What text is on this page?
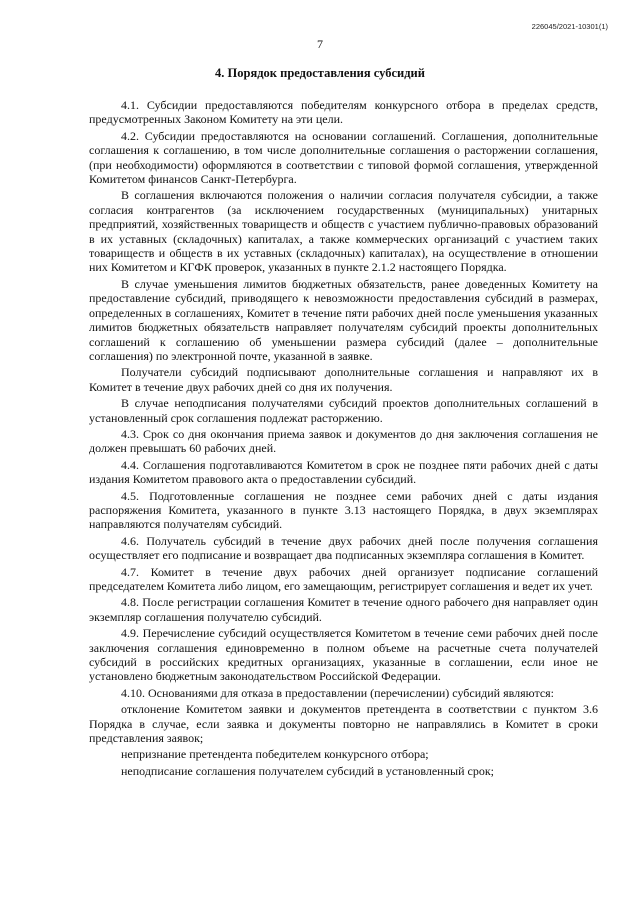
226045/2021-10301(1)
7
4. Порядок предоставления субсидий

4.1. Субсидии предоставляются победителям конкурсного отбора в пределах средств, предусмотренных Законом Комитету на эти цели.

4.2. Субсидии предоставляются на основании соглашений. Соглашения, дополнительные соглашения к соглашению, в том числе дополнительные соглашения о расторжении соглашения, (при необходимости) оформляются в соответствии с типовой формой соглашения, утвержденной Комитетом финансов Санкт-Петербурга.

В соглашения включаются положения о наличии согласия получателя субсидии, а также согласия контрагентов (за исключением государственных (муниципальных) унитарных предприятий, хозяйственных товариществ и обществ с участием публично-правовых образований в их уставных (складочных) капиталах, а также коммерческих организаций с участием таких товариществ и обществ в их уставных (складочных) капиталах), на осуществление в отношении них Комитетом и КГФК проверок, указанных в пункте 2.1.2 настоящего Порядка.

В случае уменьшения лимитов бюджетных обязательств, ранее доведенных Комитету на предоставление субсидий, приводящего к невозможности предоставления субсидий в размерах, определенных в соглашениях, Комитет в течение пяти рабочих дней после уменьшения указанных лимитов бюджетных обязательств направляет получателям субсидий проекты дополнительных соглашений к соглашению об уменьшении размера субсидий (далее – дополнительные соглашения) по электронной почте, указанной в заявке.

Получатели субсидий подписывают дополнительные соглашения и направляют их в Комитет в течение двух рабочих дней со дня их получения.

В случае неподписания получателями субсидий проектов дополнительных соглашений в установленный срок соглашения подлежат расторжению.

4.3. Срок со дня окончания приема заявок и документов до дня заключения соглашения не должен превышать 60 рабочих дней.

4.4. Соглашения подготавливаются Комитетом в срок не позднее пяти рабочих дней с даты издания Комитетом правового акта о предоставлении субсидий.

4.5. Подготовленные соглашения не позднее семи рабочих дней с даты издания распоряжения Комитета, указанного в пункте 3.13 настоящего Порядка, в двух экземплярах направляются получателям субсидий.

4.6. Получатель субсидий в течение двух рабочих дней после получения соглашения осуществляет его подписание и возвращает два подписанных экземпляра соглашения в Комитет.

4.7. Комитет в течение двух рабочих дней организует подписание соглашений председателем Комитета либо лицом, его замещающим, регистрирует соглашения и ведет их учет.

4.8. После регистрации соглашения Комитет в течение одного рабочего дня направляет один экземпляр соглашения получателю субсидий.

4.9. Перечисление субсидий осуществляется Комитетом в течение семи рабочих дней после заключения соглашения единовременно в полном объеме на расчетные счета получателей субсидий в российских кредитных организациях, указанные в соглашении, если иное не установлено бюджетным законодательством Российской Федерации.

4.10. Основаниями для отказа в предоставлении (перечислении) субсидий являются:

отклонение Комитетом заявки и документов претендента в соответствии с пунктом 3.6 Порядка в случае, если заявка и документы повторно не направлялись в Комитет в сроки представления заявок;

непризнание претендента победителем конкурсного отбора;

неподписание соглашения получателем субсидий в установленный срок;
